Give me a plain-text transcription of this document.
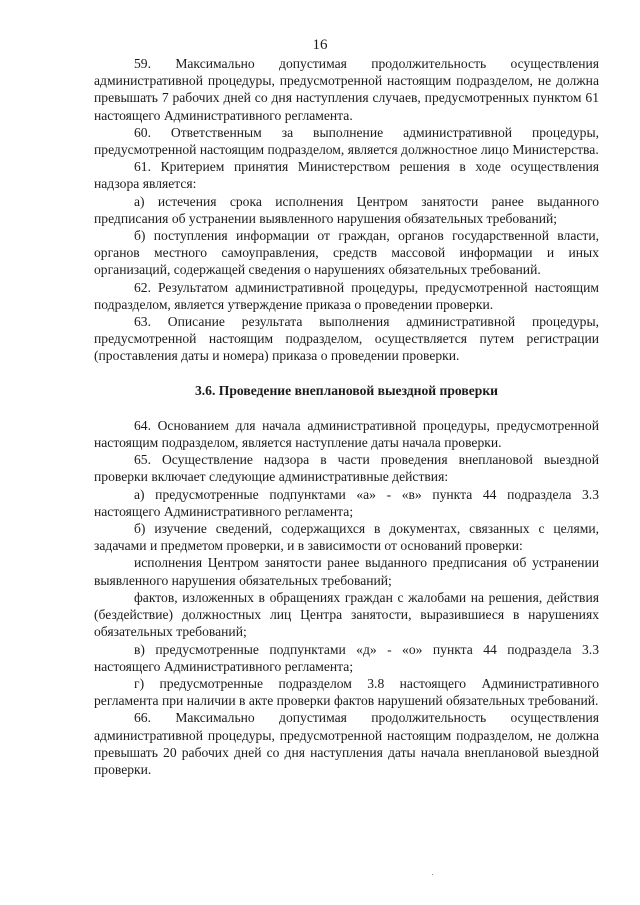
16

59. Максимально допустимая продолжительность осуществления административной процедуры, предусмотренной настоящим подразделом, не должна превышать 7 рабочих дней со дня наступления случаев, предусмотренных пунктом 61 настоящего Административного регламента.

60. Ответственным за выполнение административной процедуры, предусмотренной настоящим подразделом, является должностное лицо Министерства.

61. Критерием принятия Министерством решения в ходе осуществления надзора является:

а) истечения срока исполнения Центром занятости ранее выданного предписания об устранении выявленного нарушения обязательных требований;

б) поступления информации от граждан, органов государственной власти, органов местного самоуправления, средств массовой информации и иных организаций, содержащей сведения о нарушениях обязательных требований.

62. Результатом административной процедуры, предусмотренной настоящим подразделом, является утверждение приказа о проведении проверки.

63. Описание результата выполнения административной процедуры, предусмотренной настоящим подразделом, осуществляется путем регистрации (проставления даты и номера) приказа о проведении проверки.

3.6. Проведение внеплановой выездной проверки

64. Основанием для начала административной процедуры, предусмотренной настоящим подразделом, является наступление даты начала проверки.

65. Осуществление надзора в части проведения внеплановой выездной проверки включает следующие административные действия:

а) предусмотренные подпунктами «а» - «в» пункта 44 подраздела 3.3 настоящего Административного регламента;

б) изучение сведений, содержащихся в документах, связанных с целями, задачами и предметом проверки, и в зависимости от оснований проверки:

исполнения Центром занятости ранее выданного предписания об устранении выявленного нарушения обязательных требований;

фактов, изложенных в обращениях граждан с жалобами на решения, действия (бездействие) должностных лиц Центра занятости, выразившиеся в нарушениях обязательных требований;

в) предусмотренные подпунктами «д» - «о» пункта 44 подраздела 3.3 настоящего Административного регламента;

г) предусмотренные подразделом 3.8 настоящего Административного регламента при наличии в акте проверки фактов нарушений обязательных требований.

66. Максимально допустимая продолжительность осуществления административной процедуры, предусмотренной настоящим подразделом, не должна превышать 20 рабочих дней со дня наступления даты начала внеплановой выездной проверки.
